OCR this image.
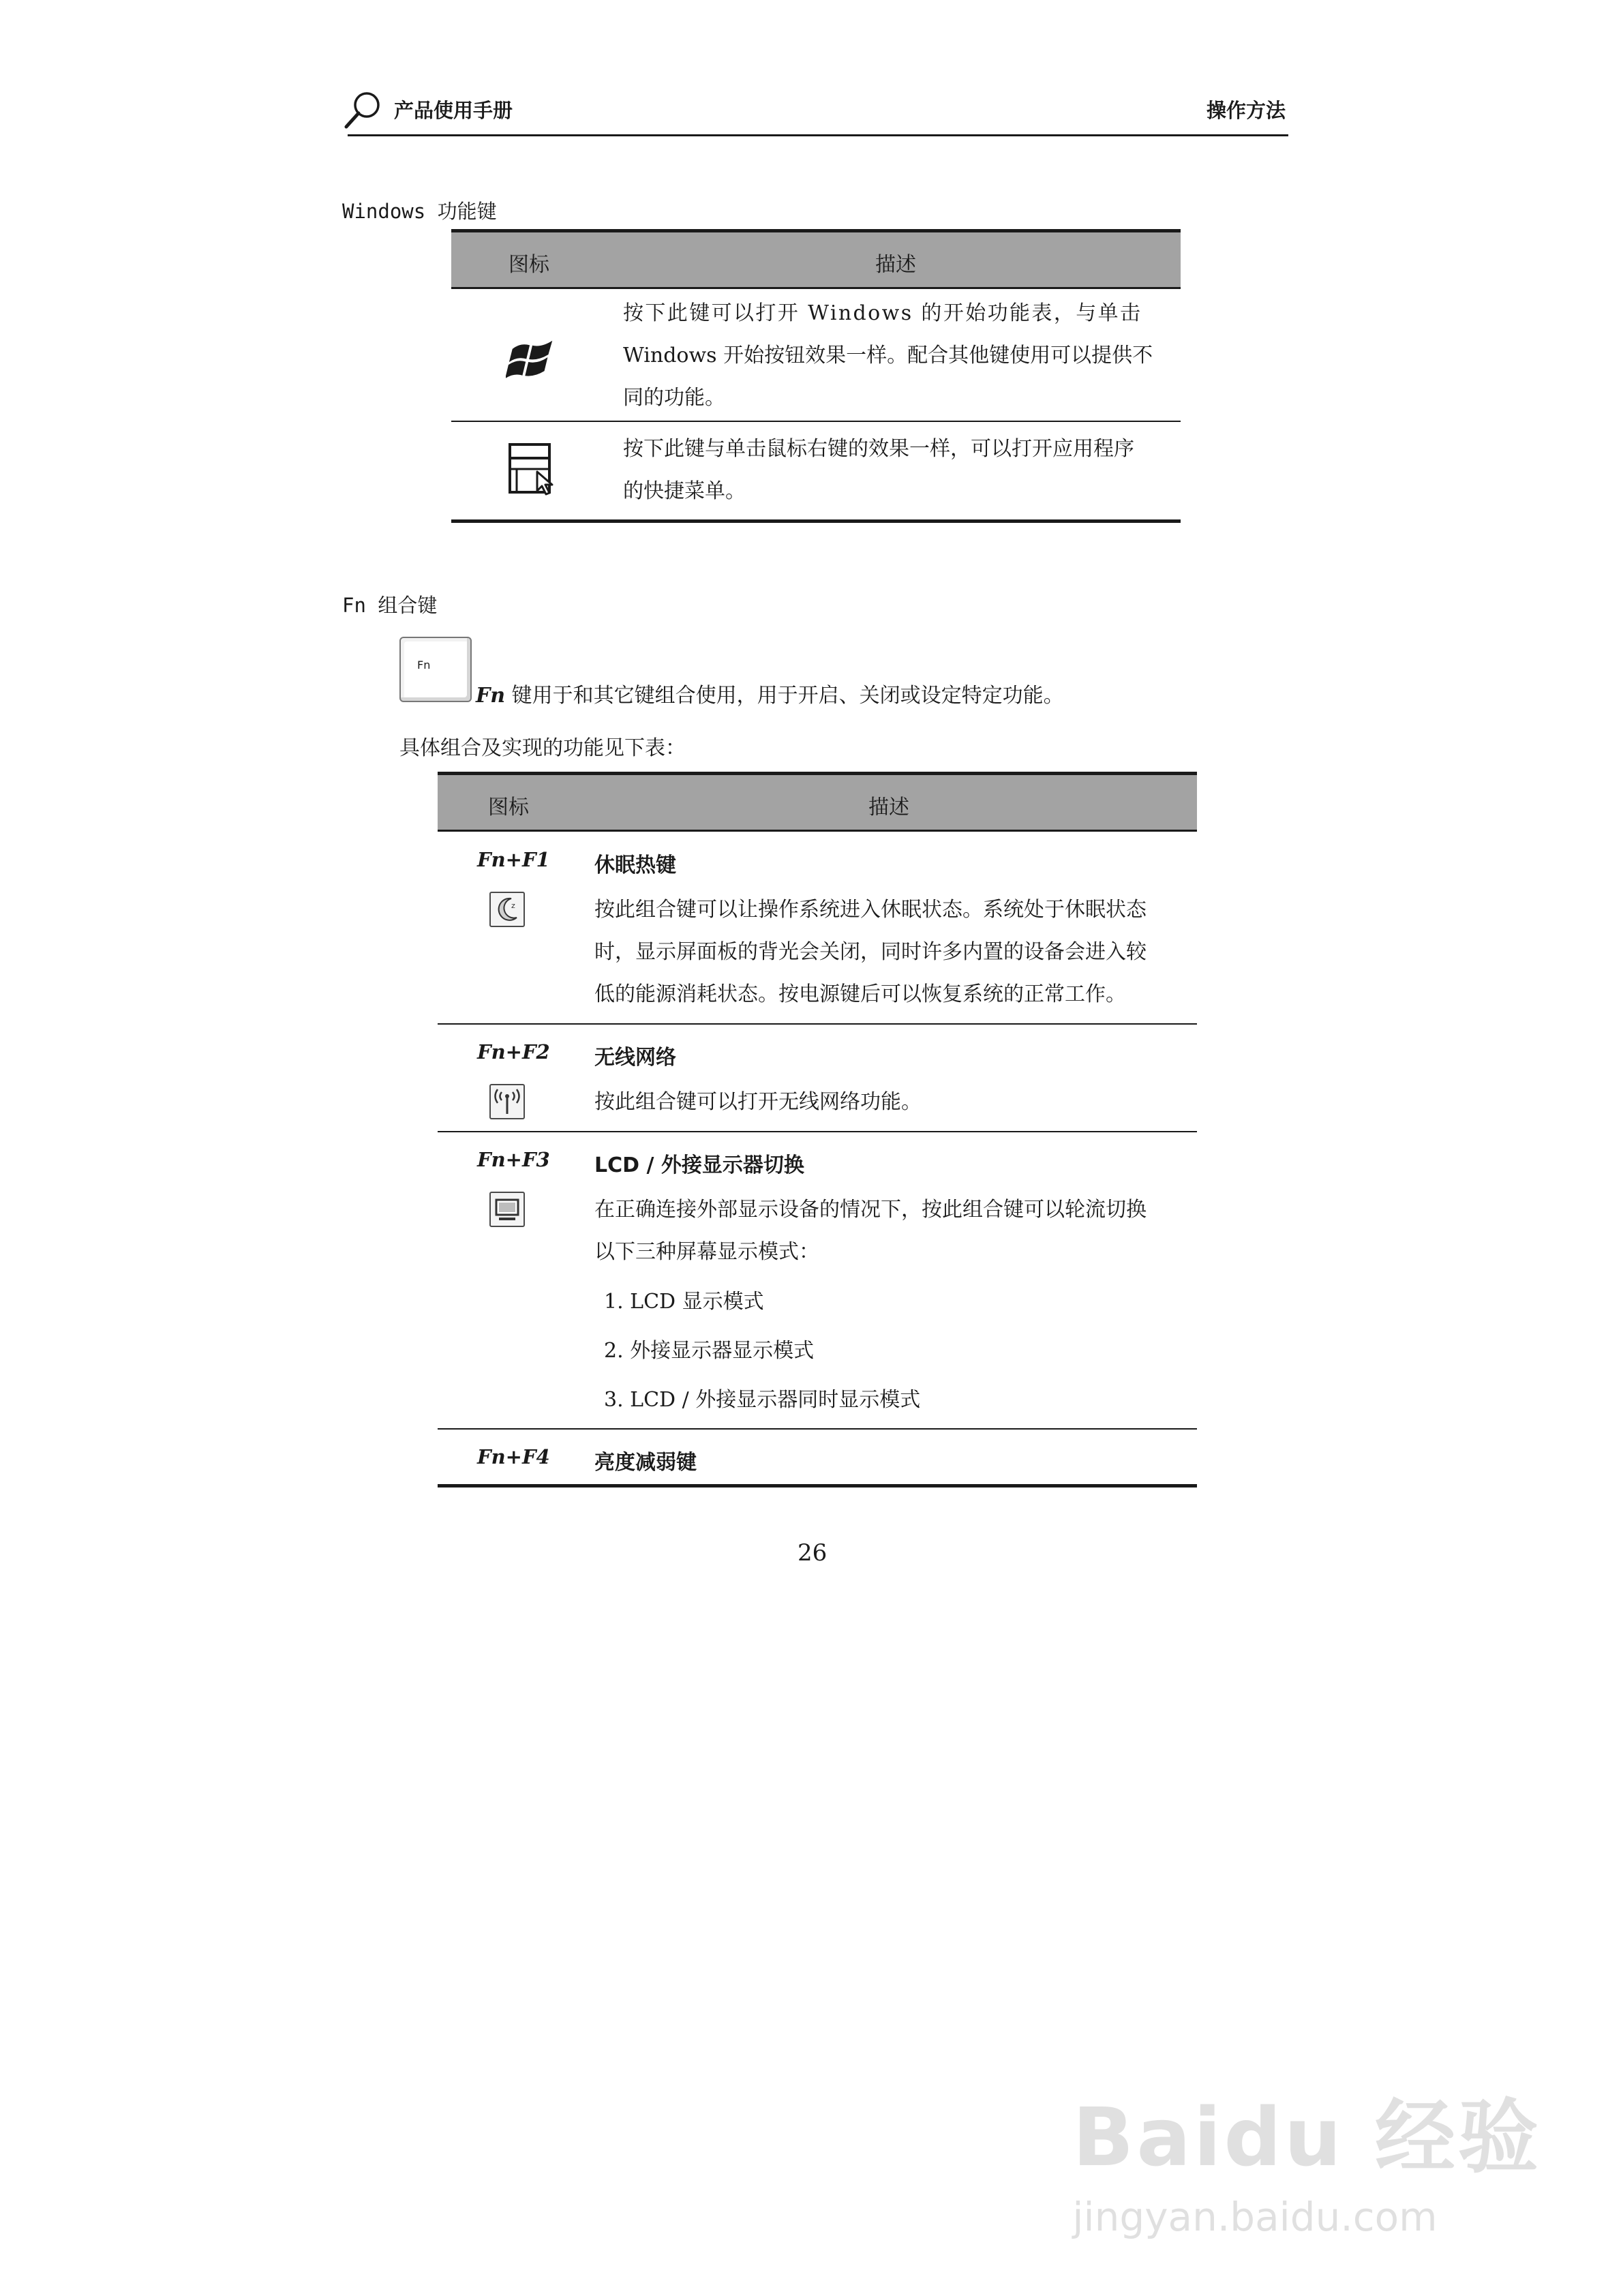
产品使用手册	操作方法
Windows 功能键
图标	描述
按下此键可以打开 Windows 的开始功能表，与单击
Windows 开始按钮效果一样。配合其他键使用可以提供不
同的功能。
按下此键与单击鼠标右键的效果一样，可以打开应用程序
的快捷菜单。
Fn 组合键
Fn
Fn 键用于和其它键组合使用，用于开启、关闭或设定特定功能。
具体组合及实现的功能见下表：
图标	描述
Fn+F1 休眠热键
z	按此组合键可以让操作系统进入休眠状态。系统处于休眠状态
时，显示屏面板的背光会关闭，同时许多内置的设备会进入较
低的能源消耗状态。按电源键后可以恢复系统的正常工作。
Fn+F2 无线网络
按此组合键可以打开无线网络功能。
Fn+F3 LCD / 外接显示器切换
在正确连接外部显示设备的情况下，按此组合键可以轮流切换
以下三种屏幕显示模式：
1. LCD 显示模式
2. 外接显示器显示模式
3. LCD / 外接显示器同时显示模式
Fn+F4 亮度减弱键
26
Baidu 经验
jingyan.baidu.com
